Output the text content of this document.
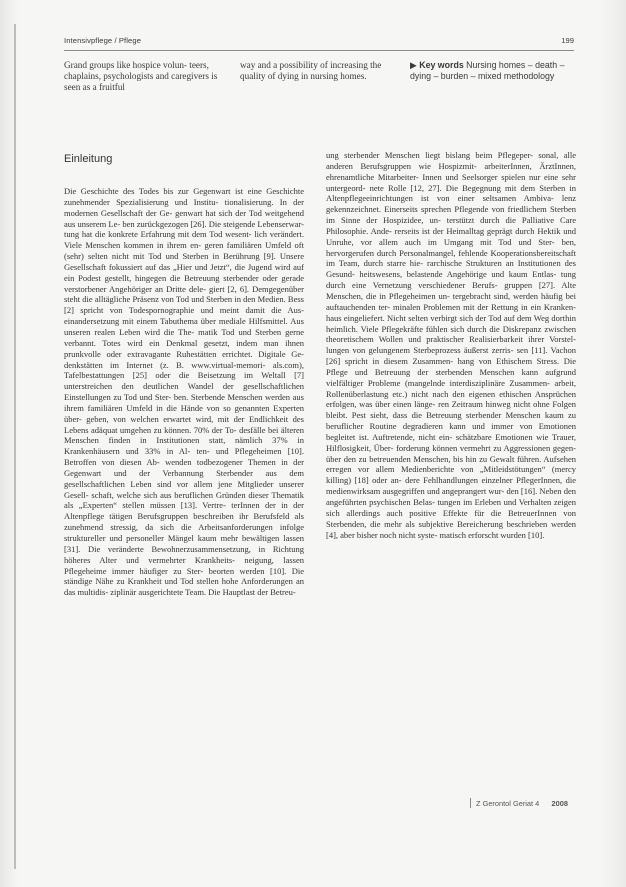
Intensivpflege / Pflege	199
Grand groups like hospice volun- teers, chaplains, psychologists and caregivers is seen as a fruitful
way and a possibility of increasing the quality of dying in nursing homes.
▶ Key words Nursing homes – death – dying – burden – mixed methodology
Einleitung
Die Geschichte des Todes bis zur Gegenwart ist eine Geschichte zunehmender Spezialisierung und Institu- tionalisierung. In der modernen Gesellschaft der Ge- genwart hat sich der Tod weitgehend aus unserem Le- ben zurückgezogen [26]. Die steigende Lebenserwar- tung hat die konkrete Erfahrung mit dem Tod wesent- lich verändert. Viele Menschen kommen in ihrem en- geren familiären Umfeld oft (sehr) selten nicht mit Tod und Sterben in Berührung [9]. Unsere Gesellschaft fokussiert auf das „Hier und Jetzt“, die Jugend wird auf ein Podest gestellt, hingegen die Betreuung sterbender oder gerade verstorbener Angehöriger an Dritte dele- giert [2, 6]. Demgegenüber steht die alltägliche Präsenz von Tod und Sterben in den Medien. Bess [2] spricht von Todespornographie und meint damit die Aus- einandersetzung mit einem Tabuthema über mediale Hilfsmittel. Aus unseren realen Leben wird die The- matik Tod und Sterben gerne verbannt. Totes wird ein Denkmal gesetzt, indem man ihnen prunkvolle oder extravagante Ruhestätten errichtet. Digitale Ge- denkstätten im Internet (z. B. www.virtual-memori- als.com), Tafelbestattungen [25] oder die Beisetzung im Weltall [7] unterstreichen den deutlichen Wandel der gesellschaftlichen Einstellungen zu Tod und Ster- ben. Sterbende Menschen werden aus ihrem familiären Umfeld in die Hände von so genannten Experten über- geben, von welchen erwartet wird, mit der Endlichkeit des Lebens adäquat umgehen zu können. 70% der To- desfälle bei älteren Menschen finden in Institutionen statt, nämlich 37% in Krankenhäusern und 33% in Al- ten- und Pflegeheimen [10]. Betroffen von diesen Ab- wenden todbezogener Themen in der Gegenwart und der Verbannung Sterbender aus dem gesellschaftlichen Leben sind vor allem jene Mitglieder unserer Gesell- schaft, welche sich aus beruflichen Gründen dieser Thematik als „Experten“ stellen müssen [13]. Vertre- terInnen der in der Altenpflege tätigen Berufsgruppen beschreiben ihr Berufsfeld als zunehmend stressig, da sich die Arbeitsanforderungen infolge struktureller und personeller Mängel kaum mehr bewältigen lassen [31]. Die veränderte Bewohnerzusammensetzung, in Richtung höheres Alter und vermehrter Krankheits- neigung, lassen Pflegeheime immer häufiger zu Ster- beorten werden [10]. Die ständige Nähe zu Krankheit und Tod stellen hohe Anforderungen an das multidis- ziplinär ausgerichtete Team. Die Hauptlast der Betreu-
ung sterbender Menschen liegt bislang beim Pflegeper- sonal, alle anderen Berufsgruppen wie Hospizmit- arbeiterInnen, ÄrztInnen, ehrenamtliche Mitarbeiter- Innen und Seelsorger spielen nur eine sehr untergeord- nete Rolle [12, 27]. Die Begegnung mit dem Sterben in Altenpflegeeinrichtungen ist von einer seltsamen Ambiva- lenz gekennzeichnet. Einerseits sprechen Pflegende von friedlichem Sterben im Sinne der Hospizidee, un- terstützt durch die Palliative Care Philosophie. Ande- rerseits ist der Heimalltag geprägt durch Hektik und Unruhe, vor allem auch im Umgang mit Tod und Ster- ben, hervorgerufen durch Personalmangel, fehlende Kooperationsbereitschaft im Team, durch starre hie- rarchische Strukturen an Institutionen des Gesund- heitswesens, belastende Angehörige und kaum Entlas- tung durch eine Vernetzung verschiedener Berufs- gruppen [27]. Alte Menschen, die in Pflegeheimen un- tergebracht sind, werden häufig bei auftauchenden ter- minalen Problemen mit der Rettung in ein Kranken- haus eingeliefert. Nicht selten verbirgt sich der Tod auf dem Weg dorthin heimlich. Viele Pflegekräfte fühlen sich durch die Diskrepanz zwischen theoretischem Wollen und praktischer Realisierbarkeit ihrer Vorstel- lungen von gelungenem Sterbeprozess äußerst zerris- sen [11]. Vachon [26] spricht in diesem Zusammen- hang von Ethischem Stress. Die Pflege und Betreuung der sterbenden Menschen kann aufgrund vielfältiger Probleme (mangelnde interdisziplinäre Zusammen- arbeit, Rollenüberlastung etc.) nicht nach den eigenen ethischen Ansprüchen erfolgen, was über einen länge- ren Zeitraum hinweg nicht ohne Folgen bleibt. Pest sieht, dass die Betreuung sterbender Menschen kaum zu beruflicher Routine degradieren kann und immer von Emotionen begleitet ist. Auftretende, nicht ein- schätzbare Emotionen wie Trauer, Hilflosigkeit, Über- forderung können vermehrt zu Aggressionen gegen- über den zu betreuenden Menschen, bis hin zu Gewalt führen. Aufsehen erregen vor allem Medienberichte von „Mitleidstötungen“ (mercy killing) [18] oder an- dere Fehlhandlungen einzelner PflegerInnen, die medienwirksam ausgegriffen und angeprangert wur- den [16]. Neben den angeführten psychischen Belas- tungen im Erleben und Verhalten zeigen sich allerdings auch positive Effekte für die BetreuerInnen von Sterbenden, die mehr als subjektive Bereicherung beschrieben werden [4], aber bisher noch nicht syste- matisch erforscht wurden [10].
Z Gerontol Geriat 4 2008
